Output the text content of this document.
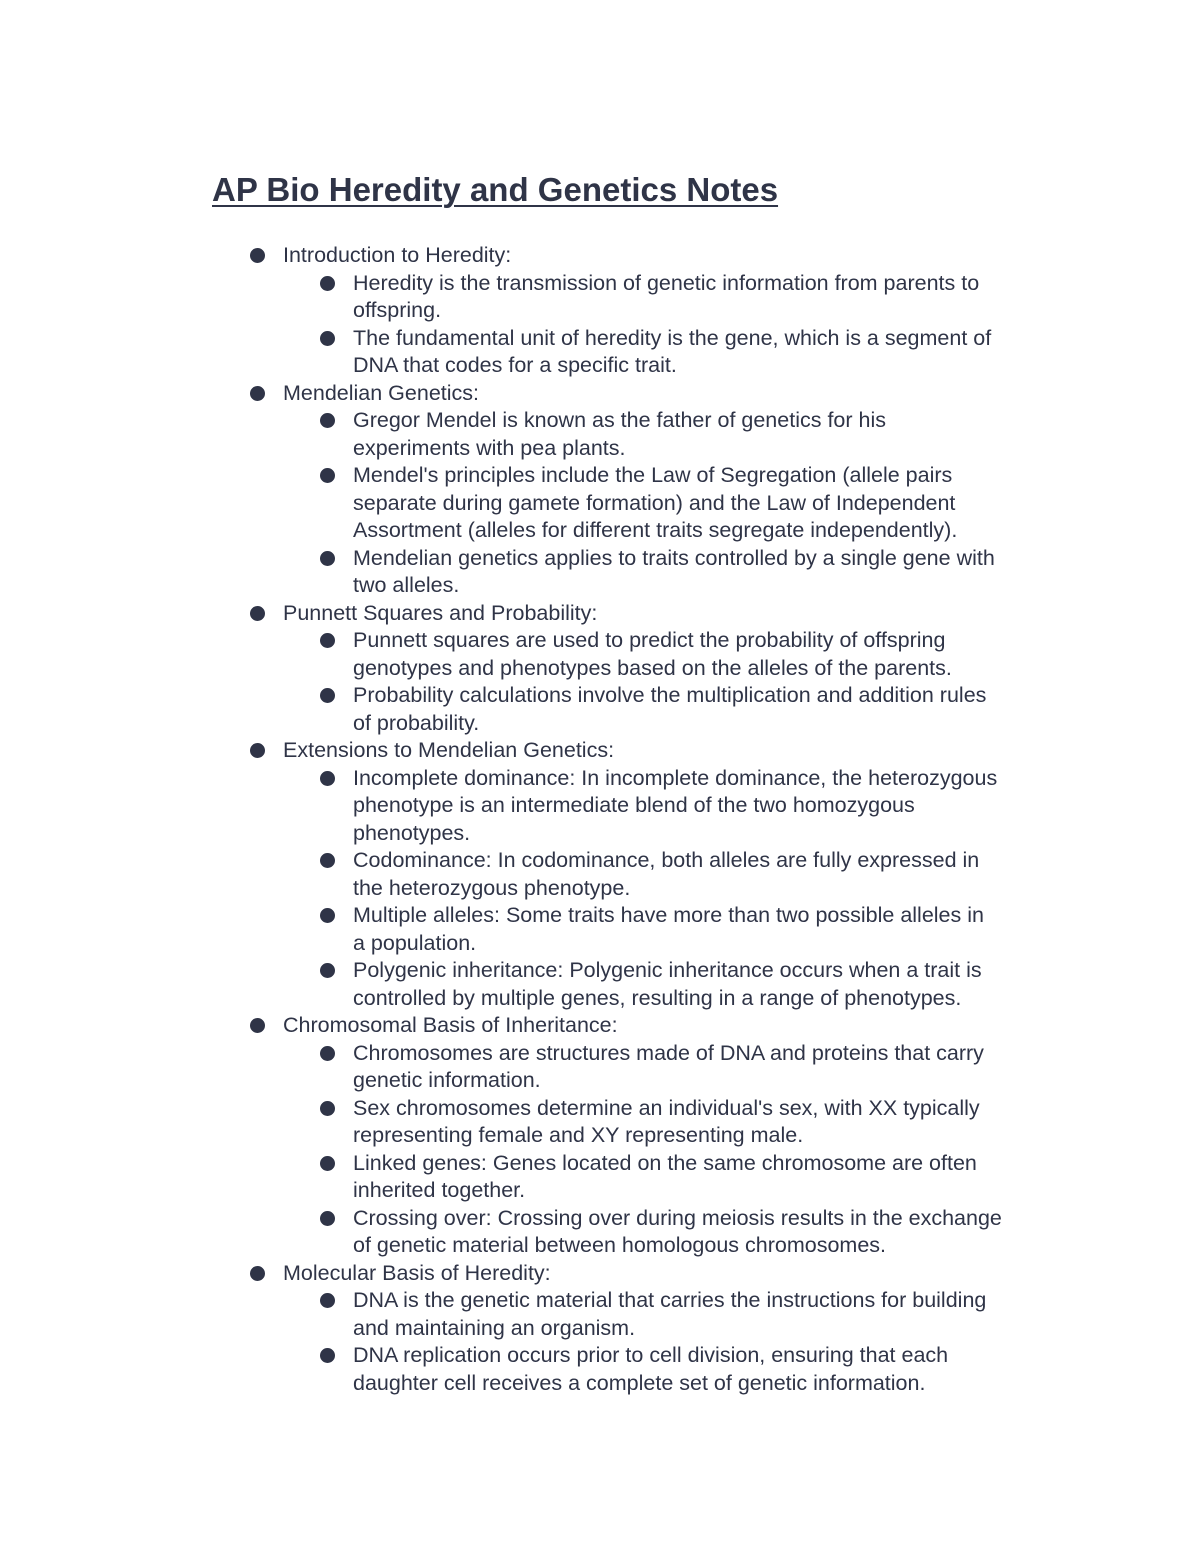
AP Bio Heredity and Genetics Notes
Introduction to Heredity:
Heredity is the transmission of genetic information from parents to
offspring.
The fundamental unit of heredity is the gene, which is a segment of
DNA that codes for a specific trait.
Mendelian Genetics:
Gregor Mendel is known as the father of genetics for his
experiments with pea plants.
Mendel's principles include the Law of Segregation (allele pairs
separate during gamete formation) and the Law of Independent
Assortment (alleles for different traits segregate independently).
Mendelian genetics applies to traits controlled by a single gene with
two alleles.
Punnett Squares and Probability:
Punnett squares are used to predict the probability of offspring
genotypes and phenotypes based on the alleles of the parents.
Probability calculations involve the multiplication and addition rules
of probability.
Extensions to Mendelian Genetics:
Incomplete dominance: In incomplete dominance, the heterozygous
phenotype is an intermediate blend of the two homozygous
phenotypes.
Codominance: In codominance, both alleles are fully expressed in
the heterozygous phenotype.
Multiple alleles: Some traits have more than two possible alleles in
a population.
Polygenic inheritance: Polygenic inheritance occurs when a trait is
controlled by multiple genes, resulting in a range of phenotypes.
Chromosomal Basis of Inheritance:
Chromosomes are structures made of DNA and proteins that carry
genetic information.
Sex chromosomes determine an individual's sex, with XX typically
representing female and XY representing male.
Linked genes: Genes located on the same chromosome are often
inherited together.
Crossing over: Crossing over during meiosis results in the exchange
of genetic material between homologous chromosomes.
Molecular Basis of Heredity:
DNA is the genetic material that carries the instructions for building
and maintaining an organism.
DNA replication occurs prior to cell division, ensuring that each
daughter cell receives a complete set of genetic information.
